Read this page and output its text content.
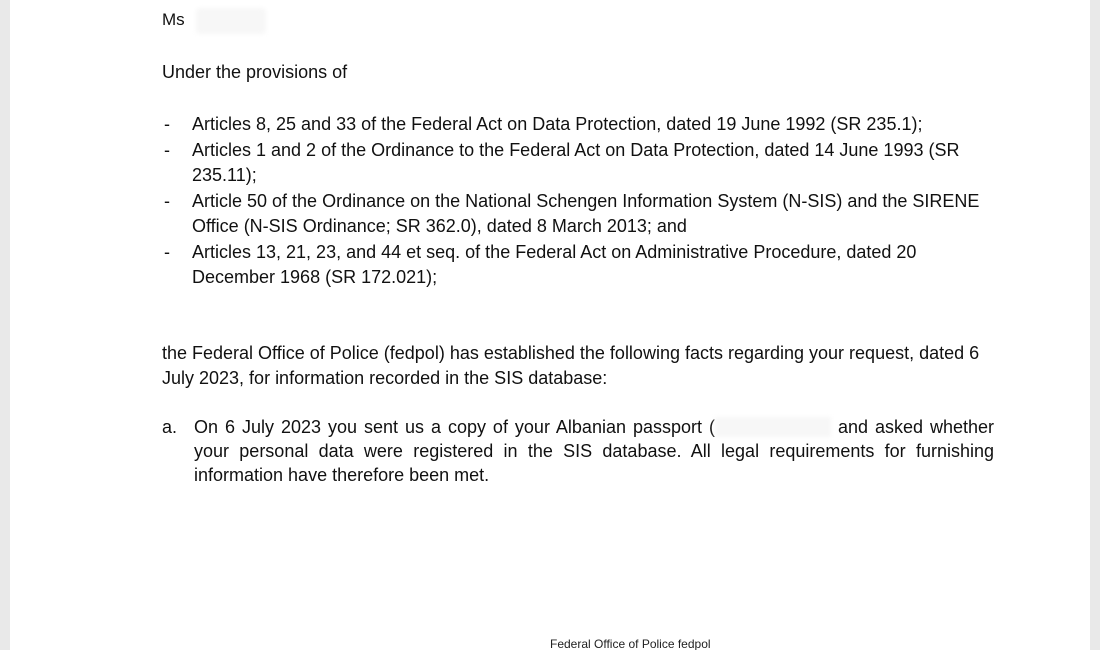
Ms
Under the provisions of
- Articles 8, 25 and 33 of the Federal Act on Data Protection, dated 19 June 1992 (SR 235.1);
- Articles 1 and 2 of the Ordinance to the Federal Act on Data Protection, dated 14 June 1993 (SR 235.11);
- Article 50 of the Ordinance on the National Schengen Information System (N-SIS) and the SIRENE Office (N-SIS Ordinance; SR 362.0), dated 8 March 2013; and
- Articles 13, 21, 23, and 44 et seq. of the Federal Act on Administrative Procedure, dated 20 December 1968 (SR 172.021);
the Federal Office of Police (fedpol) has established the following facts regarding your request, dated 6 July 2023, for information recorded in the SIS database:
a. On 6 July 2023 you sent us a copy of your Albanian passport (	and asked whether your personal data were registered in the SIS database. All legal requirements for furnishing information have therefore been met.
Federal Office of Police fedpol
